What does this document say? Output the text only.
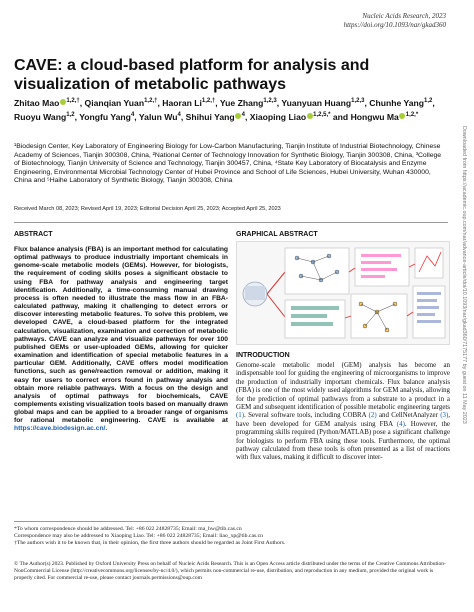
Nucleic Acids Research, 2023
https://doi.org/10.1093/nar/gkad360
CAVE: a cloud-based platform for analysis and visualization of metabolic pathways
Zhitao Mao $^{1,2,\dagger}$, Qianqian Yuan$^{1,2,\dagger}$, Haoran $Li^{1,2,\dagger}$, Yue Zhang$^{1,2,3}$, Yuanyuan Huang$^{1,2,3}$, Chunhe Yang$^{1,2}$, Ruoyu Wang$^{1,2}$, Yongfu Yang$^4$, Yalun Wu$^4$, Shihui Yang $^4$, Xiaoping Liao $^{1,2,5,*}$ and Hongwu Ma $^{1,2,*}$
¹Biodesign Center, Key Laboratory of Engineering Biology for Low-Carbon Manufacturing, Tianjin Institute of Industrial Biotechnology, Chinese Academy of Sciences, Tianjin 300308, China, ²National Center of Technology Innovation for Synthetic Biology, Tianjin 300308, China, ³College of Biotechnology, Tianjin University of Science and Technology, Tianjin 300457, China, ⁴State Key Laboratory of Biocatalysis and Enzyme Engineering, Environmental Microbial Technology Center of Hubei Province and School of Life Sciences, Hubei University, Wuhan 430000, China and ⁵Haihe Laboratory of Synthetic Biology, Tianjin 300308, China
Received March 08, 2023; Revised April 19, 2023; Editorial Decision April 25, 2023; Accepted April 25, 2023
ABSTRACT
Flux balance analysis (FBA) is an important method for calculating optimal pathways to produce industrially important chemicals in genome-scale metabolic models (GEMs). However, for biologists, the requirement of coding skills poses a significant obstacle to using FBA for pathway analysis and engineering target identification. Additionally, a time-consuming manual drawing process is often needed to illustrate the mass flow in an FBA-calculated pathway, making it challenging to detect errors or discover interesting metabolic features. To solve this problem, we developed CAVE, a cloud-based platform for the integrated calculation, visualization, examination and correction of metabolic pathways. CAVE can analyze and visualize pathways for over 100 published GEMs or user-uploaded GEMs, allowing for quicker examination and identification of special metabolic features in a particular GEM. Additionally, CAVE offers model modification functions, such as gene/reaction removal or addition, making it easy for users to correct errors found in pathway analysis and obtain more reliable pathways. With a focus on the design and analysis of optimal pathways for biochemicals, CAVE complements existing visualization tools based on manually drawn global maps and can be applied to a broader range of organisms for rational metabolic engineering. CAVE is available at https://cave.biodesign.ac.cn/.
GRAPHICAL ABSTRACT
INTRODUCTION
Genome-scale metabolic model (GEM) analysis has become an indispensable tool for guiding the engineering of microorganisms to improve the production of industrially important chemicals. Flux balance analysis (FBA) is one of the most widely used algorithms for GEM analysis, allowing for the prediction of optimal pathways from a substrate to a product in a GEM and subsequent identification of possible metabolic engineering targets (1). Several software tools, including COBRA (2) and CellNetAnalyzer (3), have been developed for GEM analysis using FBA (4). However, the programming skills required (Python/MATLAB) pose a significant challenge for biologists to perform FBA using these tools. Furthermore, the optimal pathway calculated from these tools is often presented as a list of reactions with flux values, making it difficult to discover inter-
*To whom correspondence should be addressed. Tel: +86 022 24828735; Email: ma_hw@tib.cas.cn
Correspondence may also be addressed to Xiaoping Liao. Tel: +86 022 24828735; Email: liao_xp@tib.cas.cn
†The authors wish it to be known that, in their opinion, the first three authors should be regarded as Joint First Authors.
© The Author(s) 2023. Published by Oxford University Press on behalf of Nucleic Acids Research. This is an Open Access article distributed under the terms of the Creative Commons Attribution-NonCommercial License (http://creativecommons.org/licenses/by-nc/4.0/), which permits non-commercial re-use, distribution, and reproduction in any medium, provided the original work is properly cited. For commercial re-use, please contact journals.permissions@oup.com
Downloaded from https://academic.oup.com/nar/advance-article/doi/10.1093/nar/gkad360/7175177 by guest on 11 May 2023
